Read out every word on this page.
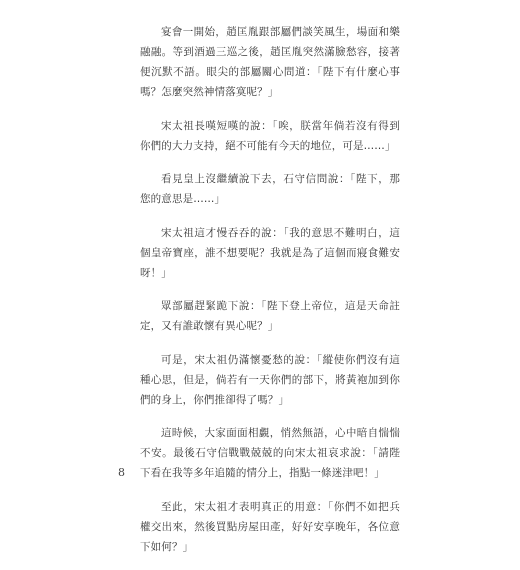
宴會一開始，趙匡胤跟部屬們談笑風生，場面和樂融融。等到酒過三巡之後，趙匡胤突然滿臉愁容，接著便沉默不語。眼尖的部屬關心問道：「陛下有什麼心事嗎？怎麼突然神情落寞呢？」

宋太祖長嘆短嘆的說：「唉，朕當年倘若沒有得到你們的大力支持，絕不可能有今天的地位，可是……」

看見皇上沒繼續說下去，石守信問說：「陛下，那您的意思是……」

宋太祖這才慢吞吞的說：「我的意思不難明白，這個皇帝寶座，誰不想要呢？我就是為了這個而寢食難安呀！」

眾部屬趕緊跪下說：「陛下登上帝位，這是天命註定，又有誰敢懷有異心呢？」

可是，宋太祖仍滿懷憂愁的說：「縱使你們沒有這種心思，但是，倘若有一天你們的部下，將黃袍加到你們的身上，你們推卻得了嗎？」

這時候，大家面面相覷，悄然無語，心中暗自惴惴不安。最後石守信戰戰兢兢的向宋太祖哀求說：「請陛下看在我等多年追隨的情分上，指點一條迷津吧！」

至此，宋太祖才表明真正的用意：「你們不如把兵權交出來，然後買點房屋田產，好好安享晚年，各位意下如何？」

8
